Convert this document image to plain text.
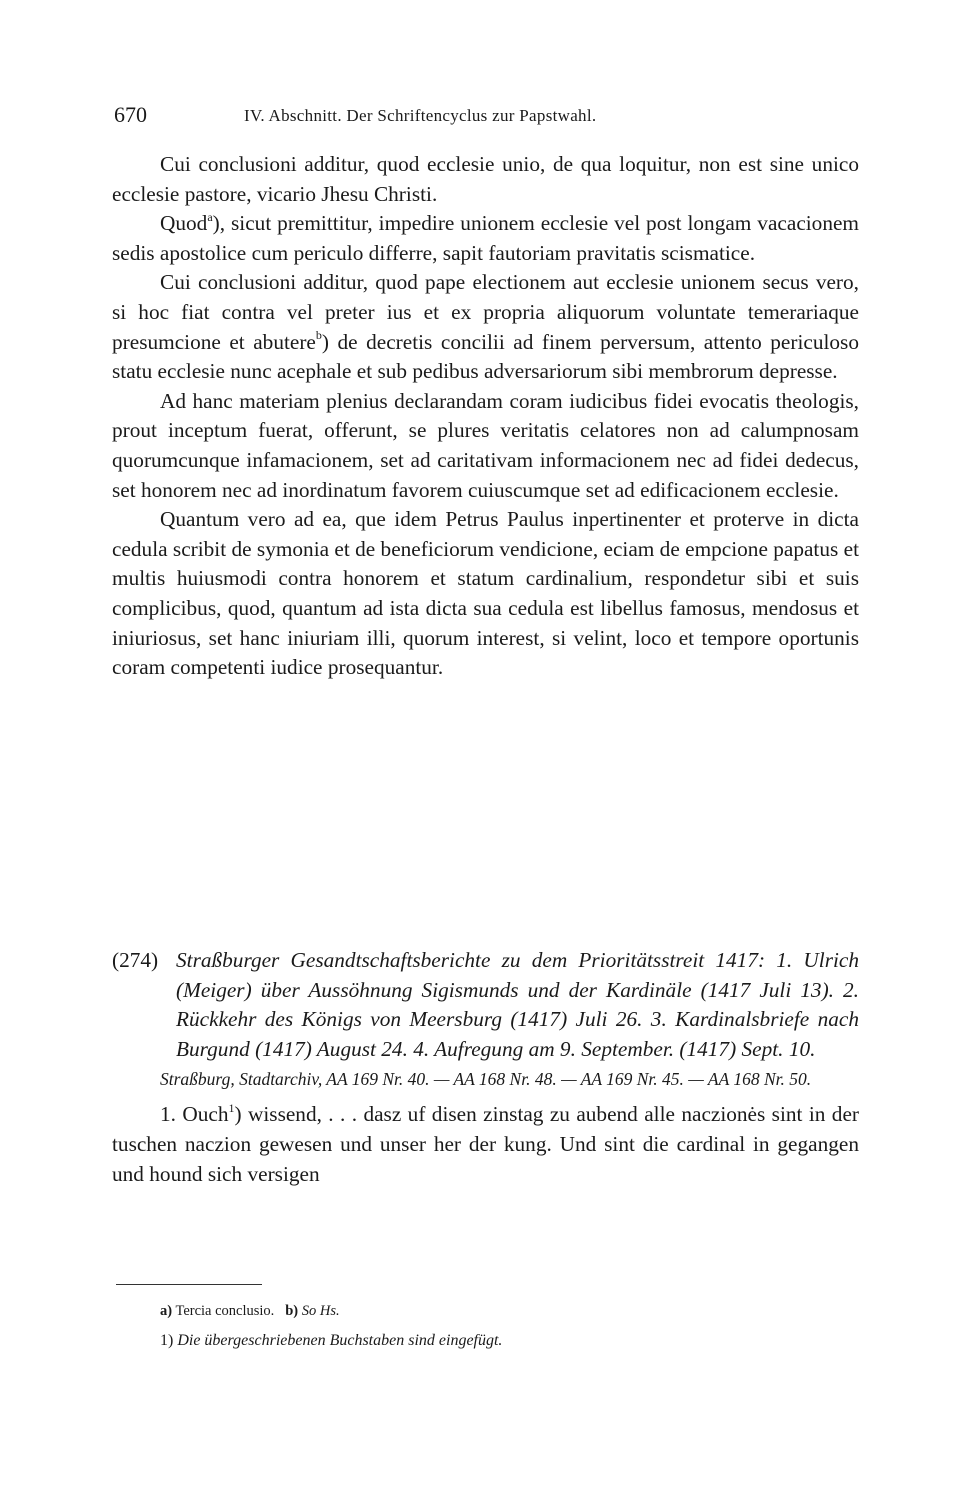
670	IV. Abschnitt. Der Schriftencyclus zur Papstwahl.

Cui conclusioni additur, quod ecclesie unio, de qua loquitur, non est sine unico ecclesie pastore, vicario Jhesu Christi.

Quod$^a$), sicut premittitur, impedire unionem ecclesie vel post longam vacacionem sedis apostolice cum periculo differre, sapit fautoriam pravitatis scismatice.

Cui conclusioni additur, quod pape electionem aut ecclesie unionem secus vero, si hoc fiat contra vel preter ius et ex propria aliquorum voluntate temerariaque presumcione et abutere$^b$) de decretis concilii ad finem perversum, attento periculoso statu ecclesie nunc acephale et sub pedibus adversariorum sibi membrorum depresse.

Ad hanc materiam plenius declarandam coram iudicibus fidei evocatis theologis, prout inceptum fuerat, offerunt, se plures veritatis celatores non ad calumpnosam quorumcunque infamacionem, set ad caritativam informacionem nec ad fidei dedecus, set honorem nec ad inordinatum favorem cuiuscumque set ad edificacionem ecclesie.

Quantum vero ad ea, que idem Petrus Paulus inpertinenter et proterve in dicta cedula scribit de symonia et de beneficiorum vendicione, eciam de empcione papatus et multis huiusmodi contra honorem et statum cardinalium, respondetur sibi et suis complicibus, quod, quantum ad ista dicta sua cedula est libellus famosus, mendosus et iniuriosus, set hanc iniuriam illi, quorum interest, si velint, loco et tempore oportunis coram competenti iudice prosequantur.

(274) Straßburger Gesandtschaftsberichte zu dem Prioritätsstreit 1417: 1. Ulrich (Meiger) über Aussöhnung Sigismunds und der Kardinäle (1417 Juli 13). 2. Rückkehr des Königs von Meersburg (1417) Juli 26. 3. Kardinalsbriefe nach Burgund (1417) August 24. 4. Aufregung am 9. September. (1417) Sept. 10.
Straßburg, Stadtarchiv, AA 169 Nr. 40. — AA 168 Nr. 48. — AA 169 Nr. 45. — AA 168 Nr. 50.
1. Ouch$^1$) wissend, . . . dasz uf disen zinstag zu aubend alle naczionės sint in der tuschen naczion gewesen und unser her der kung. Und sint die cardinal in gegangen und hound sich versigen
a) Tercia conclusio. b) So Hs.
1) Die übergeschriebenen Buchstaben sind eingefügt.
